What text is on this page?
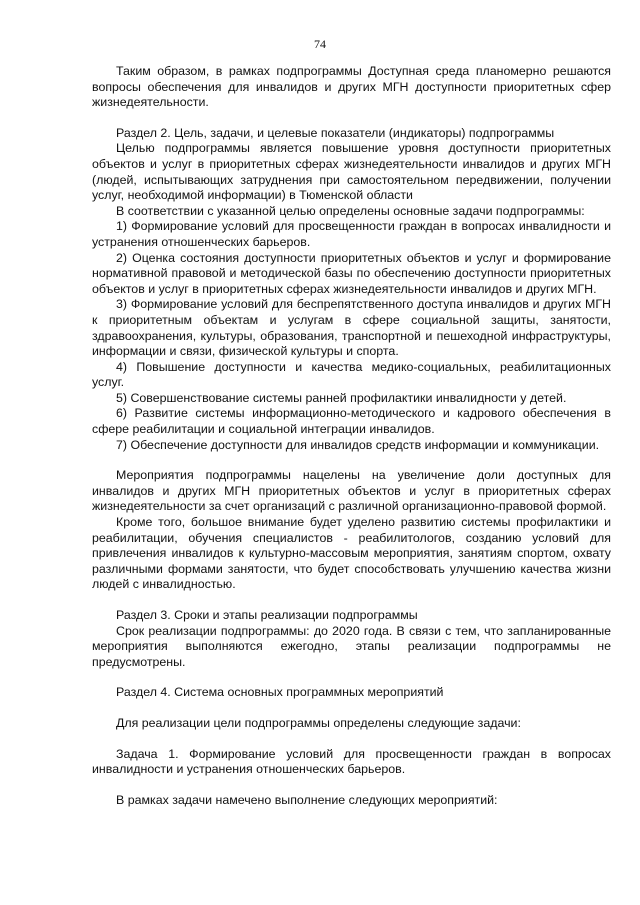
74

Таким образом, в рамках подпрограммы Доступная среда планомерно решаются вопросы обеспечения для инвалидов и других МГН доступности приоритетных сфер жизнедеятельности.

Раздел 2. Цель, задачи, и целевые показатели (индикаторы) подпрограммы

Целью подпрограммы является повышение уровня доступности приоритетных объектов и услуг в приоритетных сферах жизнедеятельности инвалидов и других МГН (людей, испытывающих затруднения при самостоятельном передвижении, получении услуг, необходимой информации) в Тюменской области

В соответствии с указанной целью определены основные задачи подпрограммы:

1) Формирование условий для просвещенности граждан в вопросах инвалидности и устранения отношенческих барьеров.

2) Оценка состояния доступности приоритетных объектов и услуг и формирование нормативной правовой и методической базы по обеспечению доступности приоритетных объектов и услуг в приоритетных сферах жизнедеятельности инвалидов и других МГН.

3) Формирование условий для беспрепятственного доступа инвалидов и других МГН к приоритетным объектам и услугам в сфере социальной защиты, занятости, здравоохранения, культуры, образования, транспортной и пешеходной инфраструктуры, информации и связи, физической культуры и спорта.

4) Повышение доступности и качества медико-социальных, реабилитационных услуг.

5) Совершенствование системы ранней профилактики инвалидности у детей.

6) Развитие системы информационно-методического и кадрового обеспечения в сфере реабилитации и социальной интеграции инвалидов.

7) Обеспечение доступности для инвалидов средств информации и коммуникации.

Мероприятия подпрограммы нацелены на увеличение доли доступных для инвалидов и других МГН приоритетных объектов и услуг в приоритетных сферах жизнедеятельности за счет организаций с различной организационно-правовой формой.

Кроме того, большое внимание будет уделено развитию системы профилактики и реабилитации, обучения специалистов - реабилитологов, созданию условий для привлечения инвалидов к культурно-массовым мероприятия, занятиям спортом, охвату различными формами занятости, что будет способствовать улучшению качества жизни людей с инвалидностью.

Раздел 3. Сроки и этапы реализации подпрограммы

Срок реализации подпрограммы: до 2020 года. В связи с тем, что запланированные мероприятия выполняются ежегодно, этапы реализации подпрограммы не предусмотрены.

Раздел 4. Система основных программных мероприятий

Для реализации цели подпрограммы определены следующие задачи:

Задача 1. Формирование условий для просвещенности граждан в вопросах инвалидности и устранения отношенческих барьеров.

В рамках задачи намечено выполнение следующих мероприятий:
